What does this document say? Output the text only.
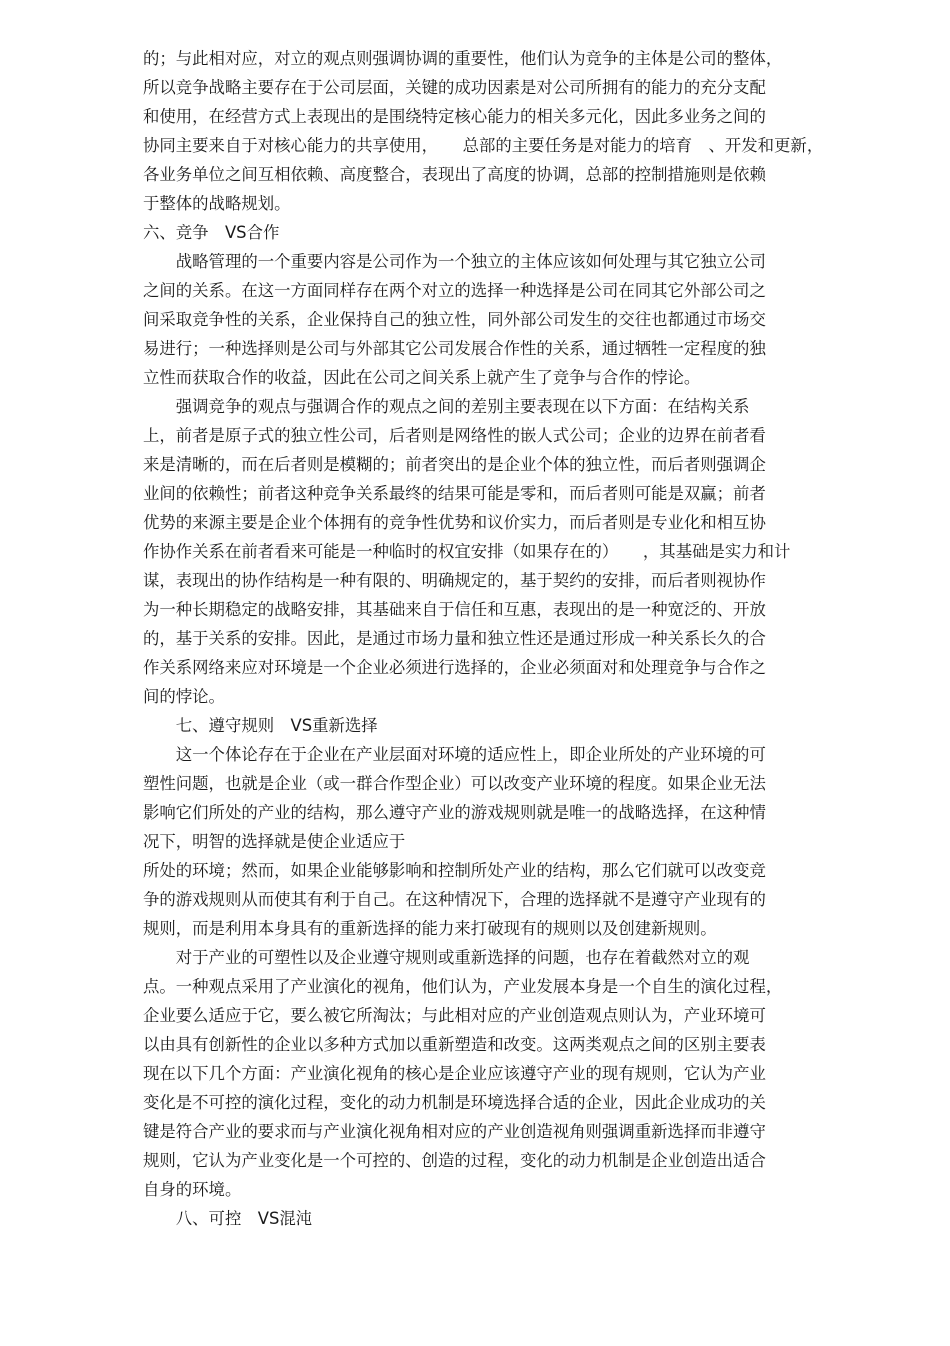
的；与此相对应，对立的观点则强调协调的重要性，他们认为竞争的主体是公司的整体，
所以竞争战略主要存在于公司层面，关键的成功因素是对公司所拥有的能力的充分支配
和使用，在经营方式上表现出的是围绕特定核心能力的相关多元化，因此多业务之间的
协同主要来自于对核心能力的共享使用，　　总部的主要任务是对能力的培育　、开发和更新，
各业务单位之间互相依赖、高度整合，表现出了高度的协调，总部的控制措施则是依赖
于整体的战略规划。
六、竞争　VS合作
　　战略管理的一个重要内容是公司作为一个独立的主体应该如何处理与其它独立公司
之间的关系。在这一方面同样存在两个对立的选择一种选择是公司在同其它外部公司之
间采取竞争性的关系，企业保持自己的独立性，同外部公司发生的交往也都通过市场交
易进行；一种选择则是公司与外部其它公司发展合作性的关系，通过牺牲一定程度的独
立性而获取合作的收益，因此在公司之间关系上就产生了竞争与合作的悖论。
　　强调竞争的观点与强调合作的观点之间的差别主要表现在以下方面：在结构关系
上，前者是原子式的独立性公司，后者则是网络性的嵌人式公司；企业的边界在前者看
来是清晰的，而在后者则是模糊的；前者突出的是企业个体的独立性，而后者则强调企
业间的依赖性；前者这种竞争关系最终的结果可能是零和，而后者则可能是双赢；前者
优势的来源主要是企业个体拥有的竞争性优势和议价实力，而后者则是专业化和相互协
作协作关系在前者看来可能是一种临时的权宜安排（如果存在的）　　，其基础是实力和计
谋，表现出的协作结构是一种有限的、明确规定的，基于契约的安排，而后者则视协作
为一种长期稳定的战略安排，其基础来自于信任和互惠，表现出的是一种宽泛的、开放
的，基于关系的安排。因此，是通过市场力量和独立性还是通过形成一种关系长久的合
作关系网络来应对环境是一个企业必须进行选择的，企业必须面对和处理竞争与合作之
间的悖论。
　　七、遵守规则　VS重新选择
　　这一个体论存在于企业在产业层面对环境的适应性上，即企业所处的产业环境的可
塑性问题，也就是企业（或一群合作型企业）可以改变产业环境的程度。如果企业无法
影响它们所处的产业的结构，那么遵守产业的游戏规则就是唯一的战略选择，在这种情
况下，明智的选择就是使企业适应于
所处的环境；然而，如果企业能够影响和控制所处产业的结构，那么它们就可以改变竞
争的游戏规则从而使其有利于自己。在这种情况下，合理的选择就不是遵守产业现有的
规则，而是利用本身具有的重新选择的能力来打破现有的规则以及创建新规则。
　　对于产业的可塑性以及企业遵守规则或重新选择的问题，也存在着截然对立的观
点。一种观点采用了产业演化的视角，他们认为，产业发展本身是一个自生的演化过程，
企业要么适应于它，要么被它所淘汰；与此相对应的产业创造观点则认为，产业环境可
以由具有创新性的企业以多种方式加以重新塑造和改变。这两类观点之间的区别主要表
现在以下几个方面：产业演化视角的核心是企业应该遵守产业的现有规则，它认为产业
变化是不可控的演化过程，变化的动力机制是环境选择合适的企业，因此企业成功的关
键是符合产业的要求而与产业演化视角相对应的产业创造视角则强调重新选择而非遵守
规则，它认为产业变化是一个可控的、创造的过程，变化的动力机制是企业创造出适合
自身的环境。
　　八、可控　VS混沌
